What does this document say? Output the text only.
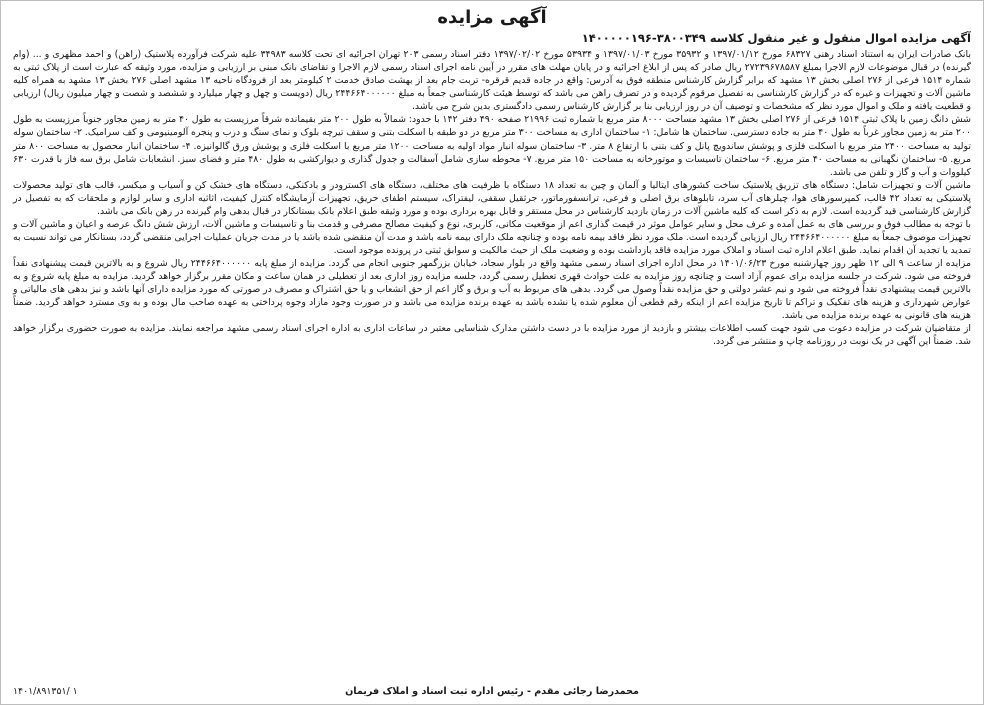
آگهی مزایده
آگهی مزایده اموال منقول و غیر منقول کلاسه ۳۸۰۰۳۴۹-۱۴۰۰۰۰۰۱۹۶

بانک صادرات ایران به استناد اسناد رهنی ۶۸۳۲۷ مورخ ۱۳۹۷/۰۱/۱۲ و ۳۵۹۳۲ مورخ ۱۳۹۷/۰۱/۰۳ و ۵۳۹۳۴ مورخ ۱۳۹۷/۰۲/۰۲ دفتر اسناد رسمی ۲۰۳ تهران اجرائیه ای تحت کلاسه ۳۴۹۸۳ علیه شرکت فرآورده پلاستیک (راهن) و احمد مظهری و ... (وام گیرنده) در قبال موضوعات لازم الاجرا بمبلغ ۲۷۲۳۹۶۷۸۵۸۷ ریال صادر که پس از ابلاغ اجرائیه و در پایان مهلت های مقرر در آیین نامه اجرای اسناد رسمی لازم الاجرا و تقاضای بانک مبنی بر ارزیابی و مزایده، مورد وثیقه که عبارت است از پلاک ثبتی به شماره ۱۵۱۴ فرعی از ۲۷۶ اصلی بخش ۱۳ مشهد که برابر گزارش کارشناس منطقه فوق به آدرس: واقع در جاده قدیم قرقره- تربت جام بعد از بهشت صادق خدمت ۲ کیلومتر بعد از فرودگاه ناحیه ۱۳ مشهد اصلی ۲۷۶ بخش ۱۳ مشهد به همراه کلیه ماشین آلات و تجهیزات و غیره که در گزارش کارشناسی به تفصیل مرقوم گردیده و در تصرف راهن می باشد که توسط هیئت کارشناسی جمعاً به مبلغ ۲۴۴۶۶۴۰۰۰۰۰۰ ریال (دویست و چهل و چهار میلیارد و ششصد و شصت و چهار میلیون ریال) ارزیابی و قطعیت یافته و ملک و اموال مورد نظر که مشخصات و توصیف آن در روز ارزیابی بنا بر گزارش کارشناس رسمی دادگستری بدین شرح می باشد.

شش دانگ زمین با پلاک ثبتی ۱۵۱۴ فرعی از ۲۷۶ اصلی بخش ۱۳ مشهد مساحت ۸۰۰۰ متر مربع با شماره ثبت ۲۱۹۹۶ صفحه ۴۹۰ دفتر ۱۴۲ با حدود: شمالاً به طول ۲۰۰ متر بقیمانده شرقاً مرزیست به طول ۴۰ متر به زمین مجاور جنوباً مرزیست به طول ۲۰۰ متر به زمین مجاور غرباً به طول ۴۰ متر به جاده دسترسی. ساختمان ها شامل: ۱- ساختمان اداری به مساحت ۳۰۰ متر مربع در دو طبقه با اسکلت بتنی و سقف تیرچه بلوک و نمای سنگ و درب و پنجره آلومینیومی و کف سرامیک. ۲- ساختمان سوله تولید به مساحت ۲۴۰۰ متر مربع با اسکلت فلزی و پوشش ساندویچ پانل و کف بتنی با ارتفاع ۸ متر. ۳- ساختمان سوله انبار مواد اولیه به مساحت ۱۲۰۰ متر مربع با اسکلت فلزی و پوشش ورق گالوانیزه. ۴- ساختمان انبار محصول به مساحت ۸۰۰ متر مربع. ۵- ساختمان نگهبانی به مساحت ۴۰ متر مربع. ۶- ساختمان تاسیسات و موتورخانه به مساحت ۱۵۰ متر مربع. ۷- محوطه سازی شامل آسفالت و جدول گذاری و دیوارکشی به طول ۴۸۰ متر و فضای سبز. انشعابات شامل برق سه فاز با قدرت ۶۳۰ کیلووات و آب و گاز و تلفن می باشد.

ماشین آلات و تجهیزات شامل: دستگاه های تزریق پلاستیک ساخت کشورهای ایتالیا و آلمان و چین به تعداد ۱۸ دستگاه با ظرفیت های مختلف، دستگاه های اکسترودر و بادکنکی، دستگاه های خشک کن و آسیاب و میکسر، قالب های تولید محصولات پلاستیکی به تعداد ۴۲ قالب، کمپرسورهای هوا، چیلرهای آب سرد، تابلوهای برق اصلی و فرعی، ترانسفورماتور، جرثقیل سقفی، لیفتراک، سیستم اطفای حریق، تجهیزات آزمایشگاه کنترل کیفیت، اثاثیه اداری و سایر لوازم و ملحقات که به تفصیل در گزارش کارشناسی قید گردیده است. لازم به ذکر است که کلیه ماشین آلات در زمان بازدید کارشناس در محل مستقر و قابل بهره برداری بوده و مورد وثیقه طبق اعلام بانک بستانکار در قبال بدهی وام گیرنده در رهن بانک می باشد.

با توجه به مطالب فوق و بررسی های به عمل آمده و عرف محل و سایر عوامل موثر در قیمت گذاری اعم از موقعیت مکانی، کاربری، نوع و کیفیت مصالح مصرفی و قدمت بنا و تاسیسات و ماشین آلات، ارزش شش دانگ عرصه و اعیان و ماشین آلات و تجهیزات موصوف جمعاً به مبلغ ۲۴۴۶۶۴۰۰۰۰۰۰ ریال ارزیابی گردیده است. ملک مورد نظر فاقد بیمه نامه بوده و چنانچه ملک دارای بیمه نامه باشد و مدت آن منقضی شده باشد یا در مدت جریان عملیات اجرایی منقضی گردد، بستانکار می تواند نسبت به تمدید یا تجدید آن اقدام نماید. طبق اعلام اداره ثبت اسناد و املاک مورد مزایده فاقد بازداشت بوده و وضعیت ملک از حیث مالکیت و سوابق ثبتی در پرونده موجود است.

مزایده از ساعت ۹ الی ۱۲ ظهر روز چهارشنبه مورخ ۱۴۰۱/۰۶/۲۳ در محل اداره اجرای اسناد رسمی مشهد واقع در بلوار سجاد، خیابان بزرگمهر جنوبی انجام می گردد. مزایده از مبلغ پایه ۲۴۴۶۶۴۰۰۰۰۰۰ ریال شروع و به بالاترین قیمت پیشنهادی نقداً فروخته می شود. شرکت در جلسه مزایده برای عموم آزاد است و چنانچه روز مزایده به علت حوادث قهری تعطیل رسمی گردد، جلسه مزایده روز اداری بعد از تعطیلی در همان ساعت و مکان مقرر برگزار خواهد گردید. مزایده به مبلغ پایه شروع و به بالاترین قیمت پیشنهادی نقداً فروخته می شود و نیم عشر دولتی و حق مزایده نقداً وصول می گردد. بدهی های مربوط به آب و برق و گاز اعم از حق انشعاب و یا حق اشتراک و مصرف در صورتی که مورد مزایده دارای آنها باشد و نیز بدهی های مالیاتی و عوارض شهرداری و هزینه های تفکیک و تراکم تا تاریخ مزایده اعم از اینکه رقم قطعی آن معلوم شده یا نشده باشد به عهده برنده مزایده می باشد و در صورت وجود مازاد وجوه پرداختی به عهده صاحب مال بوده و به وی مسترد خواهد گردید. ضمناً هزینه های قانونی به عهده برنده مزایده می باشد.

از متقاضیان شرکت در مزایده دعوت می شود جهت کسب اطلاعات بیشتر و بازدید از مورد مزایده با در دست داشتن مدارک شناسایی معتبر در ساعات اداری به اداره اجرای اسناد رسمی مشهد مراجعه نمایند. مزایده به صورت حضوری برگزار خواهد شد. ضمناً این آگهی در یک نوبت در روزنامه چاپ و منتشر می گردد.

محمدرضا رجائی مقدم - رئیس اداره ثبت اسناد و املاک فریمان
۱۴۰۱/۸۹۱۳۵۱/ ۱
